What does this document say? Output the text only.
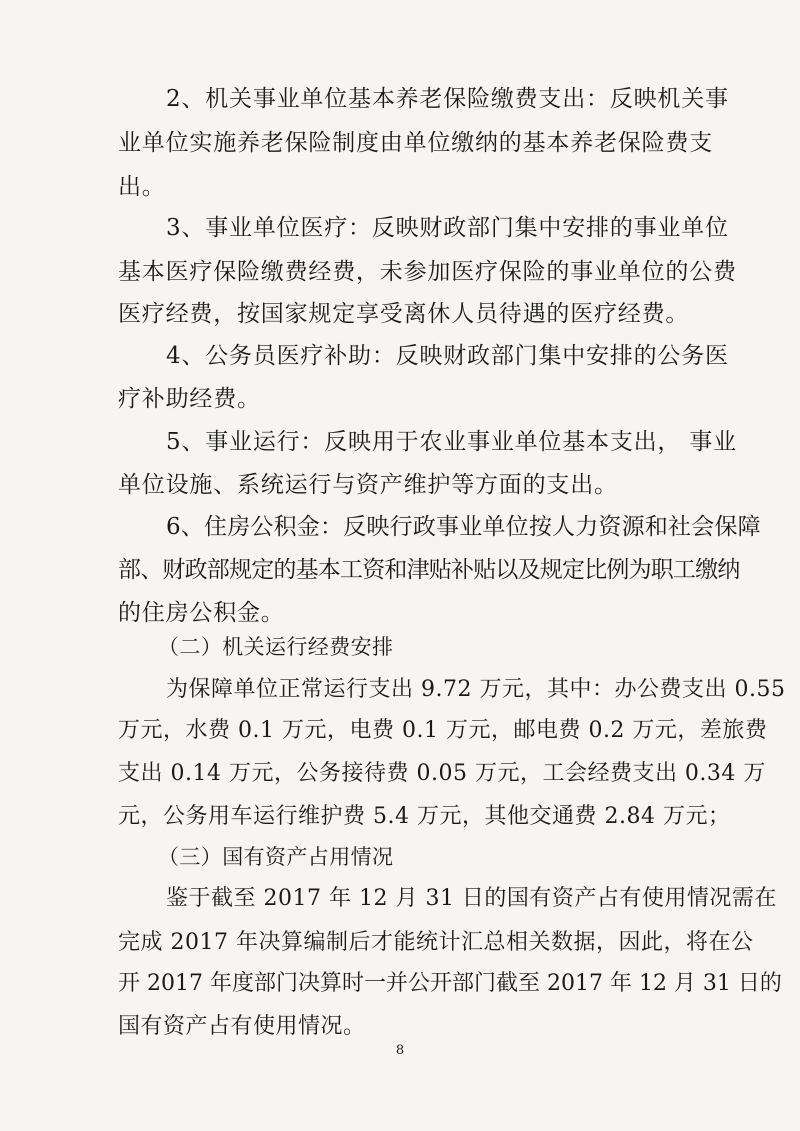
2、机关事业单位基本养老保险缴费支出：反映机关事

业单位实施养老保险制度由单位缴纳的基本养老保险费支

出。

3、事业单位医疗：反映财政部门集中安排的事业单位

基本医疗保险缴费经费，未参加医疗保险的事业单位的公费

医疗经费，按国家规定享受离休人员待遇的医疗经费。

4、公务员医疗补助：反映财政部门集中安排的公务医

疗补助经费。

5、事业运行：反映用于农业事业单位基本支出， 事业

单位设施、系统运行与资产维护等方面的支出。

6、住房公积金：反映行政事业单位按人力资源和社会保障

部、财政部规定的基本工资和津贴补贴以及规定比例为职工缴纳

的住房公积金。

（二）机关运行经费安排

为保障单位正常运行支出 9.72 万元，其中：办公费支出 0.55

万元，水费 0.1 万元，电费 0.1 万元，邮电费 0.2 万元，差旅费

支出 0.14 万元，公务接待费 0.05 万元，工会经费支出 0.34 万

元，公务用车运行维护费 5.4 万元，其他交通费 2.84 万元；

（三）国有资产占用情况

鉴于截至 2017 年 12 月 31 日的国有资产占有使用情况需在

完成 2017 年决算编制后才能统计汇总相关数据，因此，将在公

开 2017 年度部门决算时一并公开部门截至 2017 年 12 月 31 日的

国有资产占有使用情况。

8
